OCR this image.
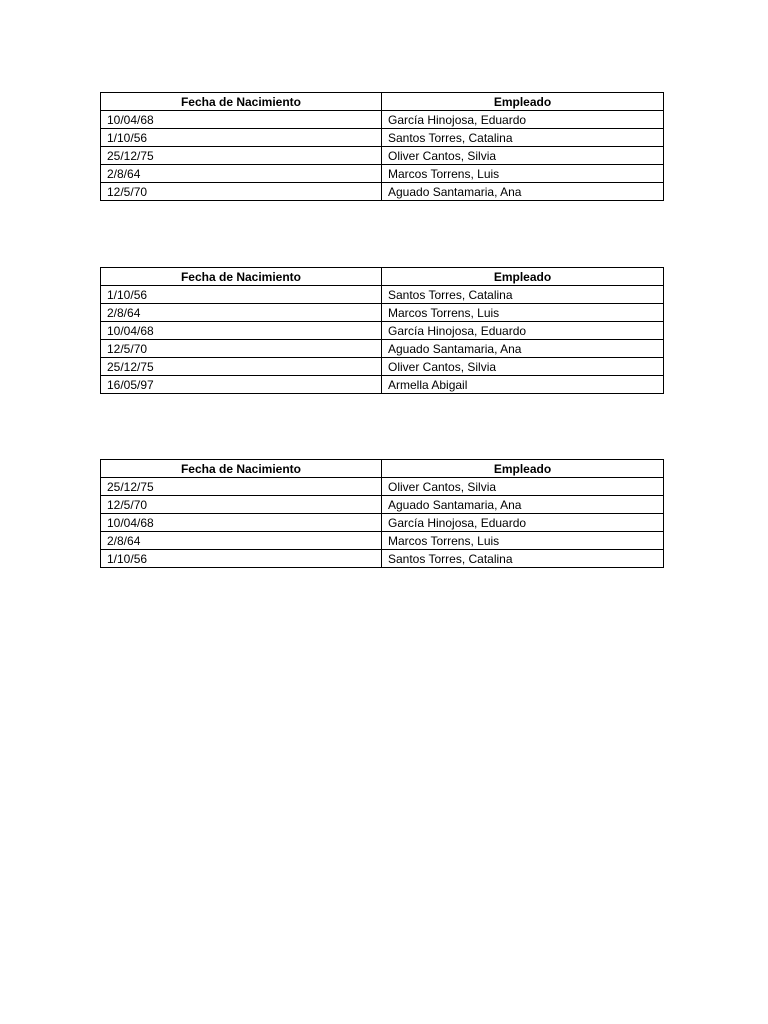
Fecha de Nacimiento	Empleado
10/04/68	García Hinojosa, Eduardo
1/10/56	Santos Torres, Catalina
25/12/75	Oliver Cantos, Silvia
2/8/64	Marcos Torrens, Luis
12/5/70	Aguado Santamaria, Ana
Fecha de Nacimiento	Empleado
1/10/56	Santos Torres, Catalina
2/8/64	Marcos Torrens, Luis
10/04/68	García Hinojosa, Eduardo
12/5/70	Aguado Santamaria, Ana
25/12/75	Oliver Cantos, Silvia
16/05/97	Armella Abigail
Fecha de Nacimiento	Empleado
25/12/75	Oliver Cantos, Silvia
12/5/70	Aguado Santamaria, Ana
10/04/68	García Hinojosa, Eduardo
2/8/64	Marcos Torrens, Luis
1/10/56	Santos Torres, Catalina
